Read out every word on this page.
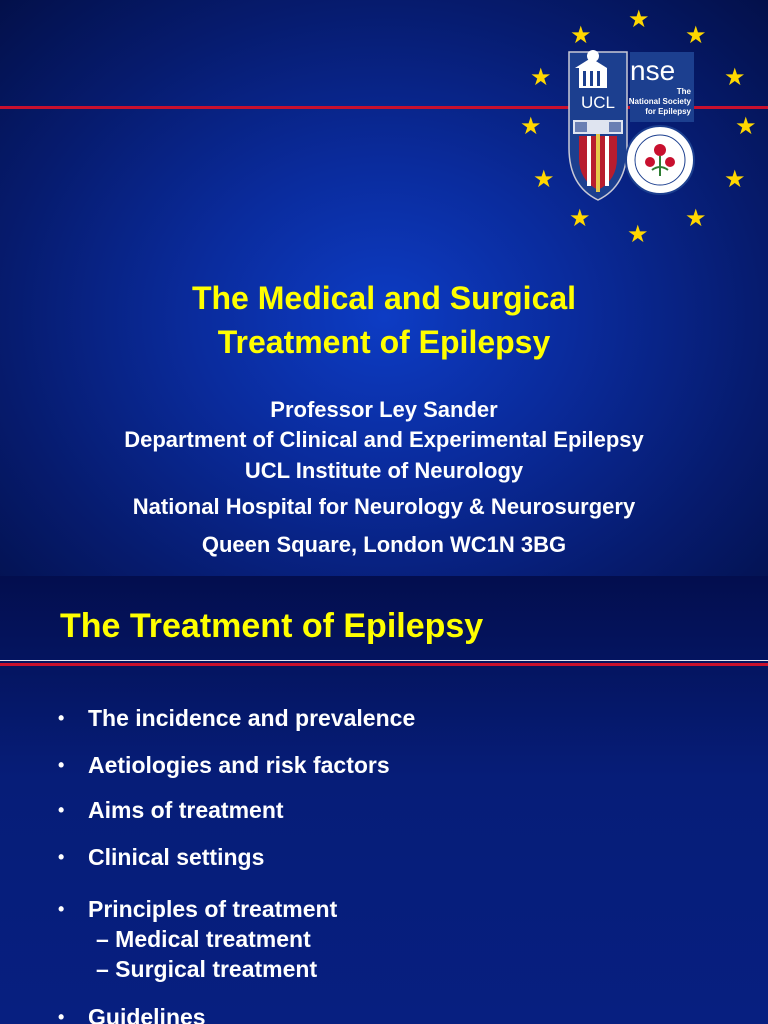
★
★	★
★	★
★	★
★	★
★	★
★
UCL
nse
The
National Society
for Epilepsy
The Medical and Surgical
Treatment of Epilepsy
Professor Ley Sander
Department of Clinical and Experimental Epilepsy
UCL Institute of Neurology
National Hospital for Neurology & Neurosurgery
Queen Square, London WC1N 3BG
The Treatment of Epilepsy
• The incidence and prevalence
• Aetiologies and risk factors
• Aims of treatment
• Clinical settings
• Principles of treatment
– Medical treatment
– Surgical treatment
• Guidelines
